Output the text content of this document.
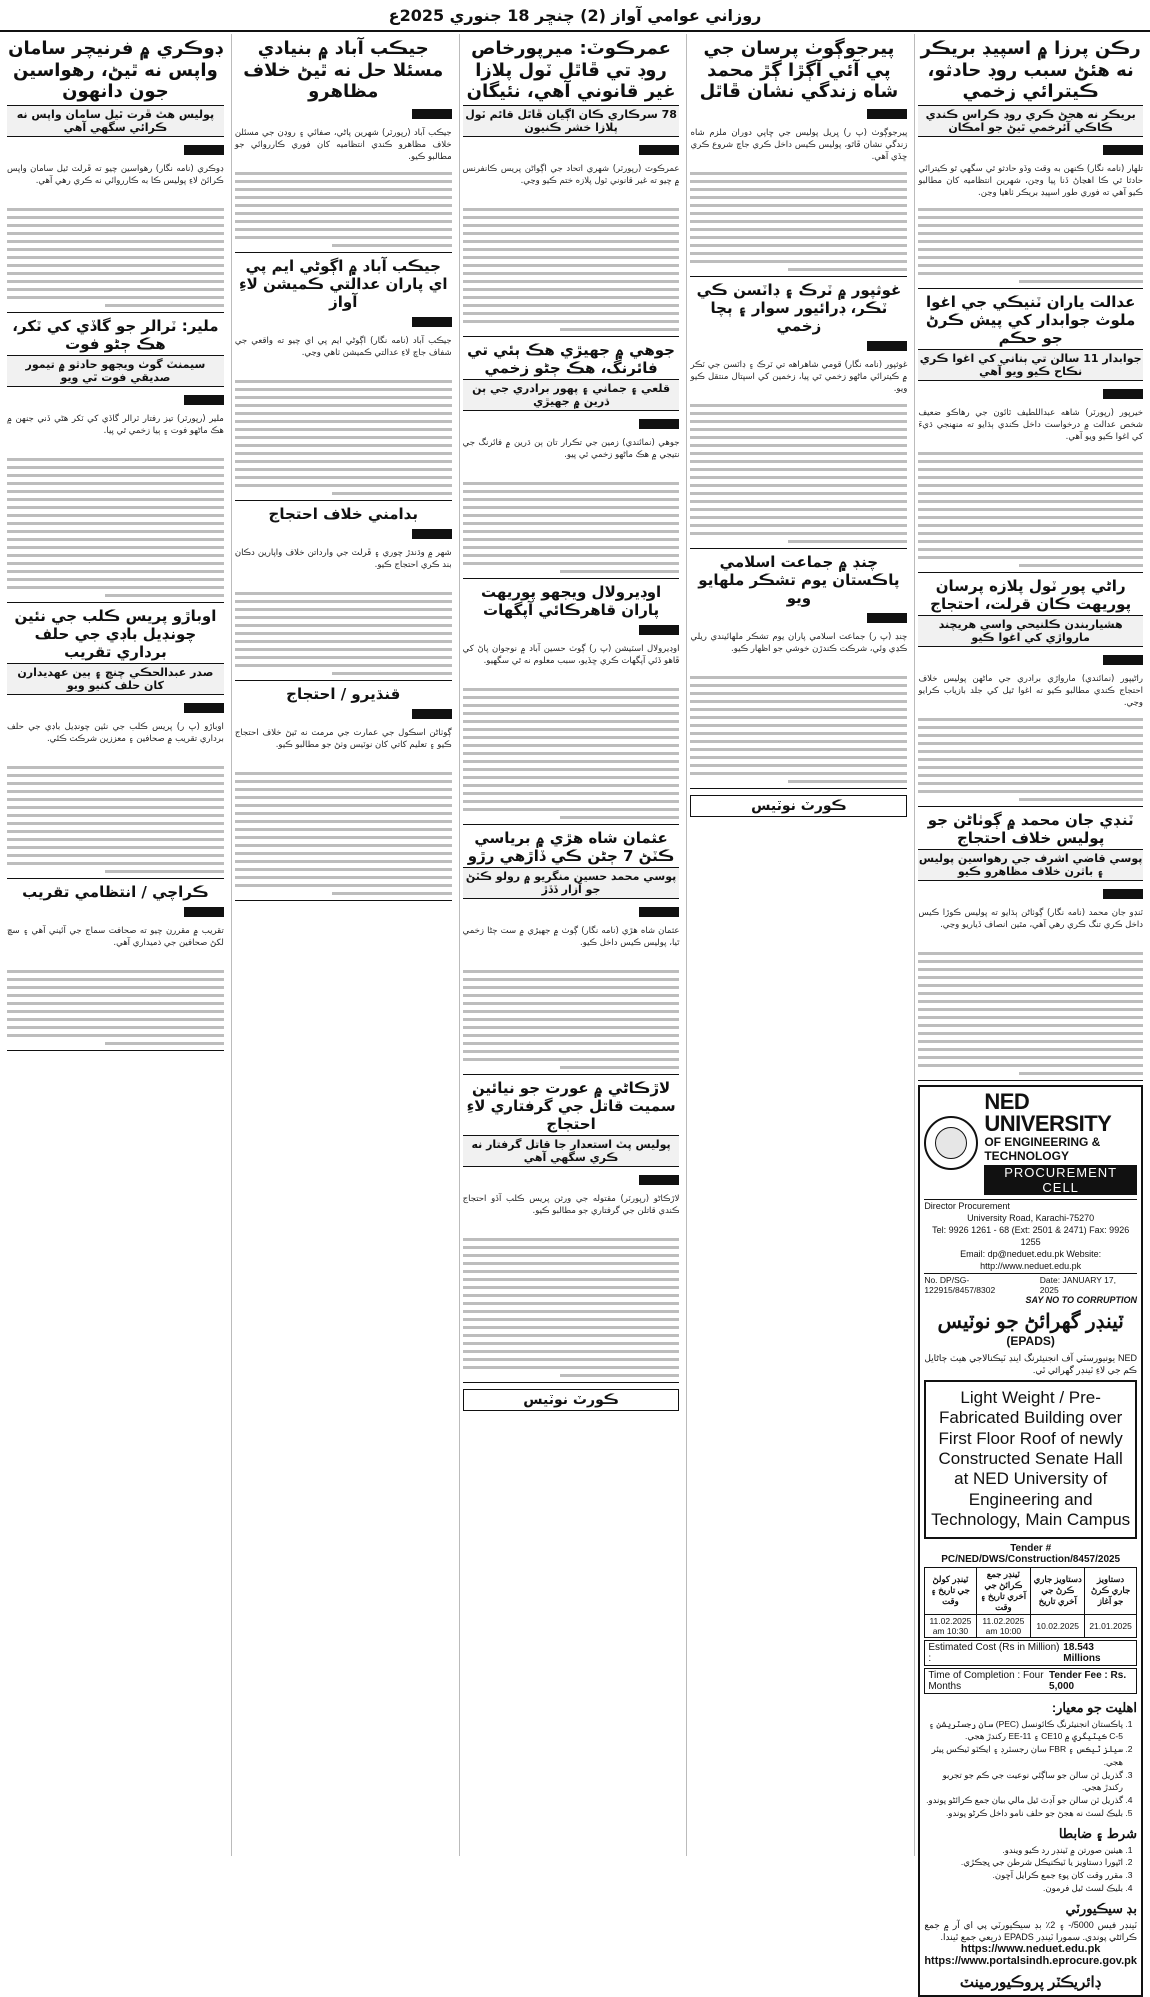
روزاني عوامي آواز (2) چنڇر 18 جنوري 2025ع
رڪن پرزا ۾ اسپيڊ بريڪر نه هئڻ سبب روڊ حادثو، ڪيترائي زخمي
بريڪر نه هجڻ ڪري روڊ ڪراس ڪندي ڪاڪي آئرخمي ٿيڻ جو امڪان
تلهار (نامه نگار) ڪنهن به وقت وڏو حادثو ٿي سگهي ٿو ڪيترائي حادثا ٿي ڪا اهڃاڻ ڏنا پيا وڃن، شهرين انتظاميه کان مطالبو ڪيو آهي ته فوري طور اسپيڊ بريڪر ٺاهيا وڃن.
عدالت ياران ٽنيڪي جي اغوا ملوث جوابدار کي پيش ڪرڻ جو حڪم
جوابدار 11 سالن تي ٻناني کي اغوا ڪري نڪاح ڪيو ويو آهي
خيرپور (رپورٽر) شاهه عبداللطيف ٽائون جي رهاڪو ضعيف شخص عدالت ۾ درخواست داخل ڪندي ٻڌايو ته منهنجي ڌيءَ کي اغوا ڪيو ويو آهي.
راڻي پور ٽول پلازه پرسان پوريهت ڪان قرلت، احتجاج
هشياربندن ڪلنيحي واسي هريچند مارواڙي کي اغوا ڪيو
راڻيپور (نمائندي) مارواڙي برادري جي ماڻهن پوليس خلاف احتجاج ڪندي مطالبو ڪيو ته اغوا ٿيل کي جلد بازياب ڪرايو وڃي.
ٽنڊي جان محمد ۾ ڳوٺاڻن جو پوليس خلاف احتجاج
پوسي قاضي اشرف جي رهواسين پوليس ۽ باثرن خلاف مظاهرو ڪيو
ٽنڊو جان محمد (نامه نگار) ڳوٺاڻن ٻڌايو ته پوليس ڪوڙا ڪيس داخل ڪري تنگ ڪري رهي آهي، مٿين انصاف ڏياريو وڃي.
NED UNIVERSITY
OF ENGINEERING & TECHNOLOGY
PROCUREMENT CELL
Director Procurement
University Road, Karachi-75270
Tel: 9926 1261 - 68 (Ext: 2501 & 2471) Fax: 9926 1255
Email: dp@neduet.edu.pk Website: http://www.neduet.edu.pk
No. DP/SG-122915/8457/8302
Date: JANUARY 17, 2025
SAY NO TO CORRUPTION
ٽينڊر گهرائڻ جو نوٽيس
(EPADS)
NED يونيورسٽي آف انجنيئرنگ اينڊ ٽيڪنالاجي هيٺ ڄاڻايل ڪم جي لاءِ ٽينڊر گهرائي ٿي.
Light Weight / Pre-Fabricated Building over First Floor Roof of newly Constructed Senate Hall at NED University of Engineering and Technology, Main Campus
Tender # PC/NED/DWS/Construction/8457/2025
دستاويز جاري ڪرڻ جو آغاز	دستاويز جاري ڪرڻ جي آخري تاريخ	ٽينڊر جمع ڪرائڻ جي آخري تاريخ ۽ وقت	ٽينڊر کولڻ جي تاريخ ۽ وقت
21.01.2025	10.02.2025	11.02.2025 10:00 am	11.02.2025 10:30 am
Estimated Cost (Rs in Million) :
18.543 Millions
Time of Completion : Four Months
Tender Fee : Rs. 5,000
اهليت جو معيار:
1. پاڪستان انجنيئرنگ ڪائونسل (PEC) سان رجسٽريشن ۽ C-5 ڪيٽيگري ۾ CE10 ۽ EE-11 رکندڙ هجي.
2. سيلز ٽيڪس ۽ FBR سان رجسٽرڊ ۽ ايڪٽو ٽيڪس پيئر هجي.
3. گذريل ٽن سالن جو ساڳئي نوعيت جي ڪم جو تجربو رکندڙ هجي.
4. گذريل ٽن سالن جو آڊٽ ٿيل مالي بيان جمع ڪرائڻو پوندو.
5. بليڪ لسٽ نه هجڻ جو حلف نامو داخل ڪرڻو پوندو.
شرط ۽ ضابطا
1. هيٺين صورتن ۾ ٽينڊر رد ڪيو ويندو.
2. اڻپورا دستاويز يا ٽيڪنيڪل شرطن جي ڀڃڪڙي.
3. مقرر وقت کان پوءِ جمع ڪرايل آڇون.
4. بليڪ لسٽ ٿيل فرمون.
بڊ سيڪيورٽي
ٽينڊر فيس 5000/- ۽ 2٪ بڊ سيڪيورٽي پي اي آر ۾ جمع ڪرائڻي پوندي. سمورا ٽينڊر EPADS ذريعي جمع ٿيندا.
https://www.neduet.edu.pk
https://www.portalsindh.eprocure.gov.pk
ڊائريڪٽر پروڪيورمينٽ
پيرجوڳوٺ پرسان جي پي آئي آڳڙا ڳڙ محمد شاه زندگي نشان ڦاٿل
پيرجوڳوٺ (پ ر) ڀريل پوليس جي ڇاپي دوران ملزم شاه زندگي نشان ڦاٿو، پوليس ڪيس داخل ڪري جاچ شروع ڪري ڇڏي آهي.
غوثپور ۾ ٽرڪ ۽ ڊاٽسن ڪي ٽڪر، ڊرائيور سوار ۽ ٻچا زخمي
غوثپور (نامه نگار) قومي شاهراهه تي ٽرڪ ۽ ڊاٽسن جي ٽڪر ۾ ڪيترائي ماڻهو زخمي ٿي پيا، زخمين کي اسپتال منتقل ڪيو ويو.
چنڊ ۾ جماعت اسلامي پاڪستان يوم تشڪر ملهايو ويو
چنڊ (پ ر) جماعت اسلامي پاران يوم تشڪر ملهائيندي ريلي ڪڍي وئي، شرڪت ڪندڙن خوشي جو اظهار ڪيو.
ڪورٽ نوٽيس
عمرڪوٽ: ميرپورخاص روڊ تي ڦاٿل ٽول پلازا غير قانوني آهي، نئيگان
78 سرڪاري ڪان اڳيان ڦاٿل قائم ٽول پلازا خشر ڪنيون
عمرڪوٽ (رپورٽر) شهري اتحاد جي اڳواڻن پريس ڪانفرنس ۾ چيو ته غير قانوني ٽول پلازه ختم ڪيو وڃي.
جوهي ۾ جهيڙي هڪ ٻئي تي فائرنگ، هڪ ڄڻو زخمي
قلعي ۽ جماني ۽ پهور برادري جي ٻن ڌرين ۾ جهيڙي
جوهي (نمائندي) زمين جي تڪرار تان ٻن ڌرين ۾ فائرنگ جي نتيجي ۾ هڪ ماڻهو زخمي ٿي پيو.
اوڊيرولال ويجهو پوريهت پاران قاهرڪائي آپگهات
اوڊيرولال اسٽيشن (پ ر) ڳوٺ حسين آباد ۾ نوجوان پاڻ کي ڦاهو ڏئي آپگهات ڪري ڇڏيو، سبب معلوم نه ٿي سگهيو.
عثمان شاه هڙي ۾ برياسي ڪٽڻ 7 ڄڻن ڪي ڏاڙهي رڙو
پوسي محمد حسين منگريو ۾ رولو ڪٽڻ جو آزار ڏڏڙ
عثمان شاه هڙي (نامه نگار) ڳوٺ ۾ جهيڙي ۾ ست ڄڻا زخمي ٿيا، پوليس ڪيس داخل ڪيو.
لاڙڪاڻي ۾ عورت جو نيائين سميت قاتل جي گرفتاري لاءِ احتجاج
پوليس پٽ استعدار جا قاتل گرفتار نه ڪري سگهي آهي
لاڙڪاڻو (رپورٽر) مقتوله جي ورثن پريس ڪلب آڏو احتجاج ڪندي قاتلن جي گرفتاري جو مطالبو ڪيو.
ڪورٽ نوٽيس
جيڪب آباد ۾ بنيادي مسئلا حل نه ٿيڻ خلاف مظاهرو
جيڪب آباد (رپورٽر) شهرين پاڻي، صفائي ۽ روڊن جي مسئلن خلاف مظاهرو ڪندي انتظاميه کان فوري ڪارروائي جو مطالبو ڪيو.
جيڪب آباد ۾ اڳوڻي ايم پي اي پاران عدالتي ڪميشن لاءِ آواز
جيڪب آباد (نامه نگار) اڳوڻي ايم پي اي چيو ته واقعي جي شفاف جاچ لاءِ عدالتي ڪميشن ٺاهي وڃي.
بدامني خلاف احتجاج
شهر ۾ وڌندڙ چوري ۽ ڦرلٽ جي وارداتن خلاف واپارين دڪان بند ڪري احتجاج ڪيو.
قنڌيرو / احتجاج
ڳوٺاڻن اسڪول جي عمارت جي مرمت نه ٿيڻ خلاف احتجاج ڪيو ۽ تعليم کاتي کان نوٽيس وٺڻ جو مطالبو ڪيو.
ڊوڪري ۾ فرنيچر سامان واپس نه ٿيڻ، رهواسين جون دانهون
پوليس هٿ ڦرت ٿيل سامان واپس نه ڪرائي سگهي آهي
ڊوڪري (نامه نگار) رهواسين چيو ته ڦرلٽ ٿيل سامان واپس ڪرائڻ لاءِ پوليس ڪا به ڪارروائي نه ڪري رهي آهي.
ملير: ٽرالر جو گاڏي کي ٽکر، هڪ ڄڻو فوت
سيمنٽ گوٺ ويجهو حادثو ۾ تيمور صديقي فوت ٿي ويو
ملير (رپورٽر) تيز رفتار ٽرالر گاڏي کي ٽکر هڻي ڏني جنهن ۾ هڪ ماڻهو فوت ۽ ٻيا زخمي ٿي پيا.
اوباڙو پريس ڪلب جي نئين چونڊيل باڊي جي حلف برداري تقريب
صدر عبدالحڪي چنڇ ۽ ٻين عهديدارن کان حلف کنيو ويو
اوباڙو (پ ر) پريس ڪلب جي نئين چونڊيل باڊي جي حلف برداري تقريب ۾ صحافين ۽ معززين شرڪت ڪئي.
ڪراچي / انتظامي تقريب
تقريب ۾ مقررن چيو ته صحافت سماج جي آئيني آهي ۽ سچ لکڻ صحافين جي ذميداري آهي.
